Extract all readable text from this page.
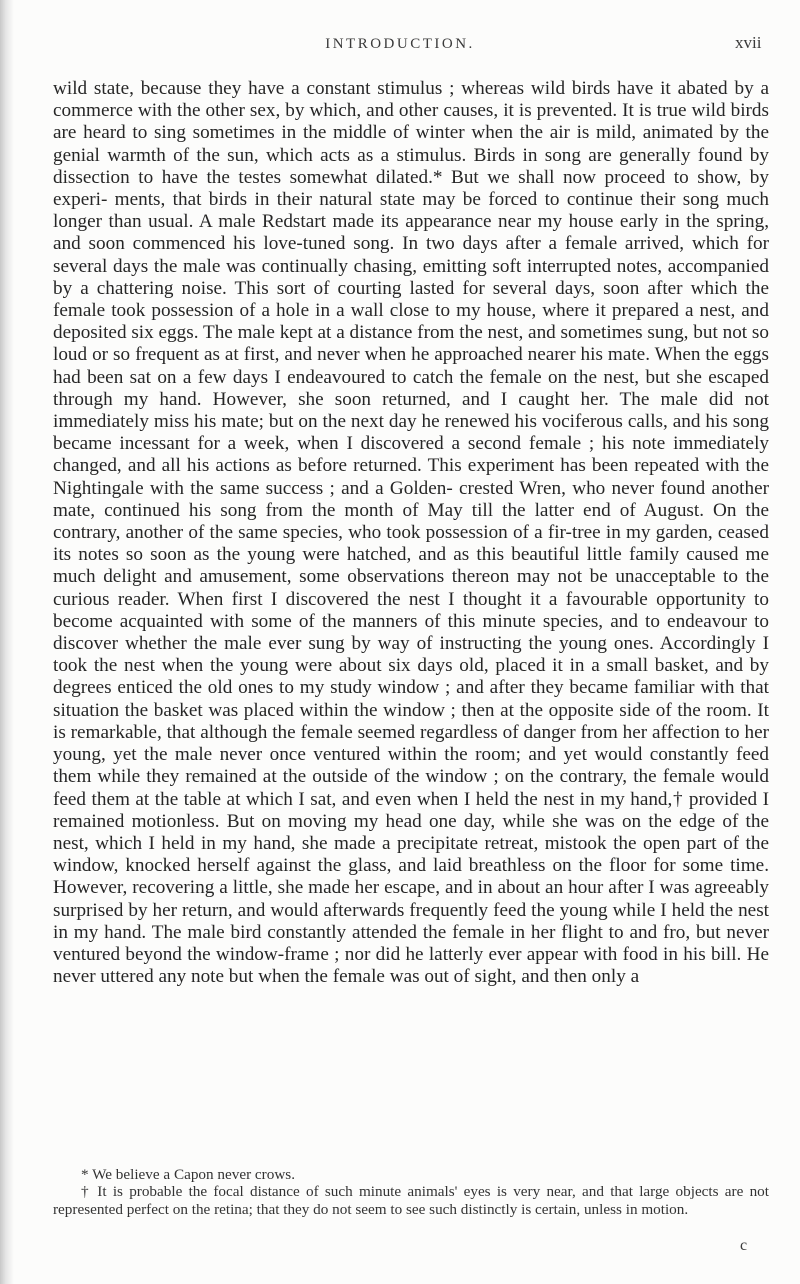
INTRODUCTION.	xvii

wild state, because they have a constant stimulus ; whereas wild birds have it abated by a commerce with the other sex, by which, and other causes, it is prevented. It is true wild birds are heard to sing sometimes in the middle of winter when the air is mild, animated by the genial warmth of the sun, which acts as a stimulus. Birds in song are generally found by dissection to have the testes somewhat dilated.* But we shall now proceed to show, by experi- ments, that birds in their natural state may be forced to continue their song much longer than usual. A male Redstart made its appearance near my house early in the spring, and soon commenced his love-tuned song. In two days after a female arrived, which for several days the male was continually chasing, emitting soft interrupted notes, accompanied by a chattering noise. This sort of courting lasted for several days, soon after which the female took possession of a hole in a wall close to my house, where it prepared a nest, and deposited six eggs. The male kept at a distance from the nest, and sometimes sung, but not so loud or so frequent as at first, and never when he approached nearer his mate. When the eggs had been sat on a few days I endeavoured to catch the female on the nest, but she escaped through my hand. However, she soon returned, and I caught her. The male did not immediately miss his mate; but on the next day he renewed his vociferous calls, and his song became incessant for a week, when I discovered a second female ; his note immediately changed, and all his actions as before returned. This experiment has been repeated with the Nightingale with the same success ; and a Golden- crested Wren, who never found another mate, continued his song from the month of May till the latter end of August. On the contrary, another of the same species, who took possession of a fir-tree in my garden, ceased its notes so soon as the young were hatched, and as this beautiful little family caused me much delight and amusement, some observations thereon may not be unacceptable to the curious reader. When first I discovered the nest I thought it a favourable opportunity to become acquainted with some of the manners of this minute species, and to endeavour to discover whether the male ever sung by way of instructing the young ones. Accordingly I took the nest when the young were about six days old, placed it in a small basket, and by degrees enticed the old ones to my study window ; and after they became familiar with that situation the basket was placed within the window ; then at the opposite side of the room. It is remarkable, that although the female seemed regardless of danger from her affection to her young, yet the male never once ventured within the room; and yet would constantly feed them while they remained at the outside of the window ; on the contrary, the female would feed them at the table at which I sat, and even when I held the nest in my hand,† provided I remained motionless. But on moving my head one day, while she was on the edge of the nest, which I held in my hand, she made a precipitate retreat, mistook the open part of the window, knocked herself against the glass, and laid breathless on the floor for some time. However, recovering a little, she made her escape, and in about an hour after I was agreeably surprised by her return, and would afterwards frequently feed the young while I held the nest in my hand. The male bird constantly attended the female in her flight to and fro, but never ventured beyond the window-frame ; nor did he latterly ever appear with food in his bill. He never uttered any note but when the female was out of sight, and then only a

* We believe a Capon never crows.

† It is probable the focal distance of such minute animals' eyes is very near, and that large objects are not represented perfect on the retina; that they do not seem to see such distinctly is certain, unless in motion.

c
